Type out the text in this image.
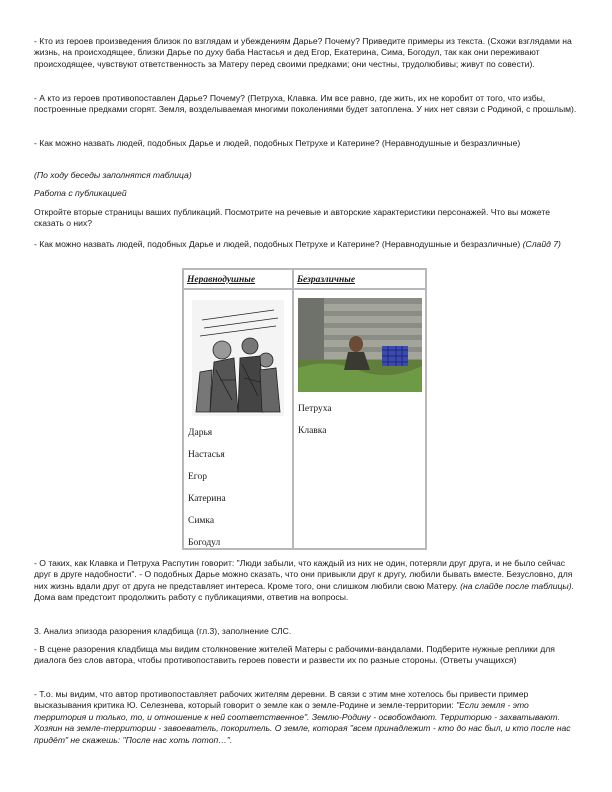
- Кто из героев произведения близок по взглядам и убеждениям Дарье? Почему? Приведите примеры из текста. (Схожи взглядами на жизнь, на происходящее, близки Дарье по духу баба Настасья и дед Егор, Екатерина, Сима, Богодул, так как они переживают происходящее, чувствуют ответственность за Матеру перед своими предками; они честны, трудолюбивы; живут по совести).

- А кто из героев противопоставлен Дарье? Почему? (Петруха, Клавка. Им все равно, где жить, их не коробит от того, что избы, построенные предками сгорят. Земля, возделываемая многими поколениями будет затоплена. У них нет связи с Родиной, с прошлым).

- Как можно назвать людей, подобных Дарье и людей, подобных Петрухе и Катерине? (Неравнодушные и безразличные)

(По ходу беседы заполнятся таблица)

Работа с публикацией

Откройте вторые страницы ваших публикаций. Посмотрите на речевые и авторские характеристики персонажей. Что вы можете сказать о них?

- Как можно назвать людей, подобных Дарье и людей, подобных Петрухе и Катерине? (Неравнодушные и безразличные) (Слайд 7)

Неравнодушные
Дарья
Настасья
Егор
Катерина
Симка
Богодул
Безразличные
Петруха
Клавка

- О таких, как Клавка и Петруха Распутин говорит: "Люди забыли, что каждый из них не один, потеряли друг друга, и не было сейчас друг в друге надобности". - О подобных Дарье можно сказать, что они привыкли друг к другу, любили бывать вместе. Безусловно, для них жизнь вдали друг от друга не представляет интереса. Кроме того, они слишком любили свою Матеру. (на слайде после таблицы). Дома вам предстоит продолжить работу с публикациями, ответив на вопросы.

3. Анализ эпизода разорения кладбища (гл.3), заполнение СЛС.

- В сцене разорения кладбища мы видим столкновение жителей Матеры с рабочими-вандалами. Подберите нужные реплики для диалога без слов автора, чтобы противопоставить героев повести и развести их по разные стороны. (Ответы учащихся)

- Т.о. мы видим, что автор противопоставляет рабочих жителям деревни. В связи с этим мне хотелось бы привести пример высказывания критика Ю. Селезнева, который говорит о земле как о земле-Родине и земле-территории: "Если земля - это территория и только, то, и отношение к ней соответственное". Землю-Родину - освобождают. Территорию - захватывают. Хозяин на земле-территории - завоеватель, покоритель. О земле, которая "всем принадлежит - кто до нас был, и кто после нас придёт" не скажешь: "После нас хоть потоп…".
